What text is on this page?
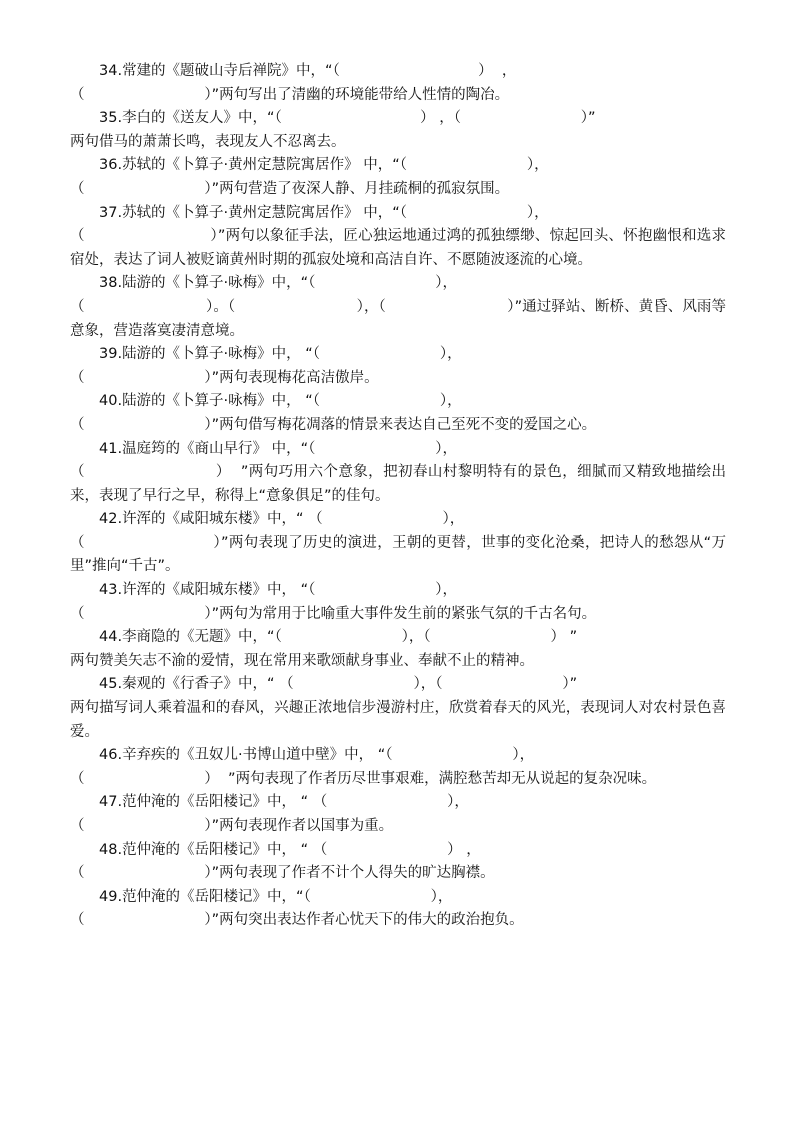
34.常建的《题破山寺后禅院》中，“（                              ）  ，
（                          ）”两句写出了清幽的环境能带给人性情的陶冶。

35.李白的《送友人》中，“（                              ） ，（                          ）”
两句借马的萧萧长鸣，表现友人不忍离去。

36.苏轼的《卜算子·黄州定慧院寓居作》 中，“（                          ），
（                          ）”两句营造了夜深人静、月挂疏桐的孤寂氛围。

37.苏轼的《卜算子·黄州定慧院寓居作》 中，“（                          ），
（                          ）”两句以象征手法，匠心独运地通过鸿的孤独缥缈、惊起回头、怀抱幽恨和选求宿处，表达了词人被贬谪黄州时期的孤寂处境和高洁自许、不愿随波逐流的心境。

38.陆游的《卜算子·咏梅》中，“（                          ），
（                          ）。（                          ），（                          ）”通过驿站、断桥、黄昏、风雨等意象，营造落寞凄清意境。

39.陆游的《卜算子·咏梅》中， “（                          ），
（                          ）”两句表现梅花高洁傲岸。

40.陆游的《卜算子·咏梅》中， “（                          ），
（                          ）”两句借写梅花凋落的情景来表达自己至死不变的爱国之心。

41.温庭筠的《商山早行》 中，“（                          ），
（                          ）  ”两句巧用六个意象，把初春山村黎明特有的景色，细腻而又精致地描绘出来，表现了早行之早，称得上“意象俱足”的佳句。

42.许浑的《咸阳城东楼》中，“ （                          ），
（                          ）”两句表现了历史的演进，王朝的更替，世事的变化沧桑，把诗人的愁怨从“万里”推向“千古”。

43.许浑的《咸阳城东楼》中， “（                          ），
（                          ）”两句为常用于比喻重大事件发生前的紧张气氛的千古名句。

44.李商隐的《无题》中，“（                          ），（                          ） ”
两句赞美矢志不渝的爱情，现在常用来歌颂献身事业、奉献不止的精神。

45.秦观的《行香子》中，“ （                          ），（                          ）”
两句描写词人乘着温和的春风，兴趣正浓地信步漫游村庄，欣赏着春天的风光，表现词人对农村景色喜爱。

46.辛弃疾的《丑奴儿·书博山道中壁》中， “（                          ），
（                          ）  ”两句表现了作者历尽世事艰难，满腔愁苦却无从说起的复杂况味。

47.范仲淹的《岳阳楼记》中， “ （                          ），
（                          ）”两句表现作者以国事为重。

48.范仲淹的《岳阳楼记》中， “ （                          ） ，
（                          ）”两句表现了作者不计个人得失的旷达胸襟。

49.范仲淹的《岳阳楼记》中，“（                          ），
（                          ）”两句突出表达作者心忧天下的伟大的政治抱负。
